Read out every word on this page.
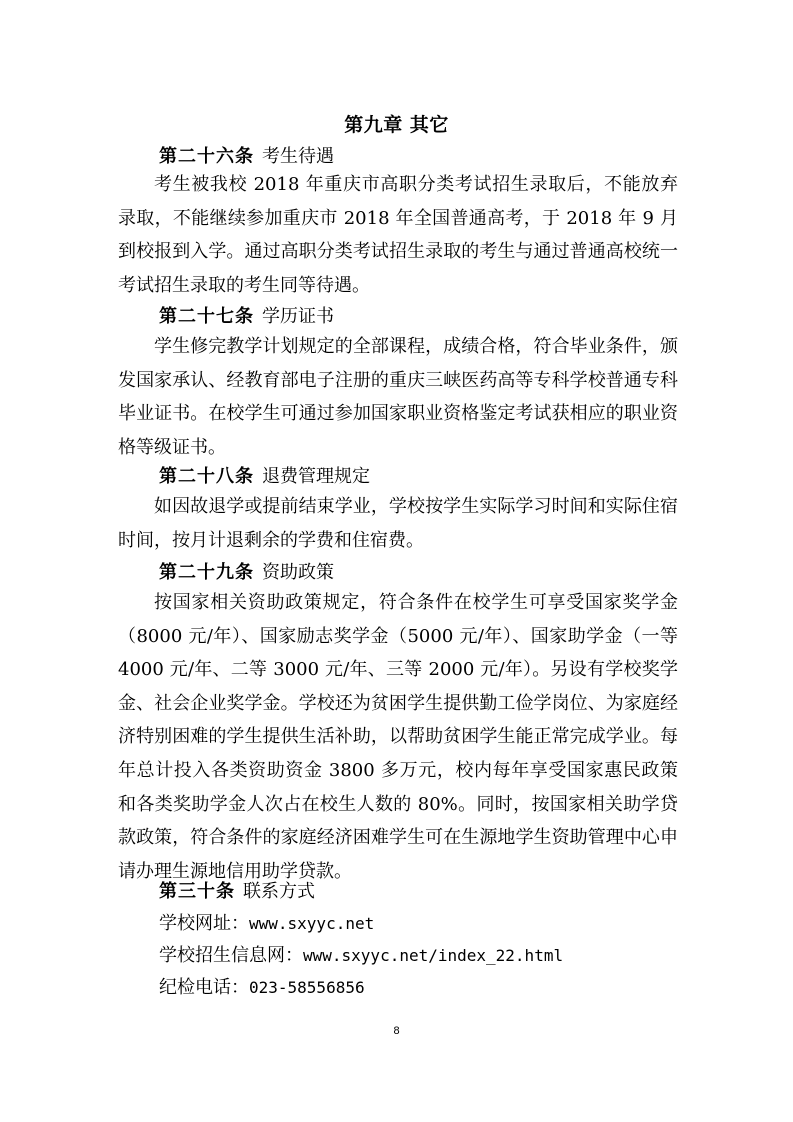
第九章 其它
第二十六条 考生待遇
考生被我校 2018 年重庆市高职分类考试招生录取后，不能放弃录取，不能继续参加重庆市 2018 年全国普通高考，于 2018 年 9 月到校报到入学。通过高职分类考试招生录取的考生与通过普通高校统一考试招生录取的考生同等待遇。
第二十七条 学历证书
学生修完教学计划规定的全部课程，成绩合格，符合毕业条件，颁发国家承认、经教育部电子注册的重庆三峡医药高等专科学校普通专科毕业证书。在校学生可通过参加国家职业资格鉴定考试获相应的职业资格等级证书。
第二十八条 退费管理规定
如因故退学或提前结束学业，学校按学生实际学习时间和实际住宿时间，按月计退剩余的学费和住宿费。
第二十九条 资助政策
按国家相关资助政策规定，符合条件在校学生可享受国家奖学金（8000 元/年）、国家励志奖学金（5000 元/年）、国家助学金（一等 4000 元/年、二等 3000 元/年、三等 2000 元/年）。另设有学校奖学金、社会企业奖学金。学校还为贫困学生提供勤工俭学岗位、为家庭经济特别困难的学生提供生活补助，以帮助贫困学生能正常完成学业。每年总计投入各类资助资金 3800 多万元，校内每年享受国家惠民政策和各类奖助学金人次占在校生人数的 80%。同时，按国家相关助学贷款政策，符合条件的家庭经济困难学生可在生源地学生资助管理中心申请办理生源地信用助学贷款。
第三十条 联系方式
学校网址：www.sxyyc.net
学校招生信息网：www.sxyyc.net/index_22.html
纪检电话：023-58556856
8
